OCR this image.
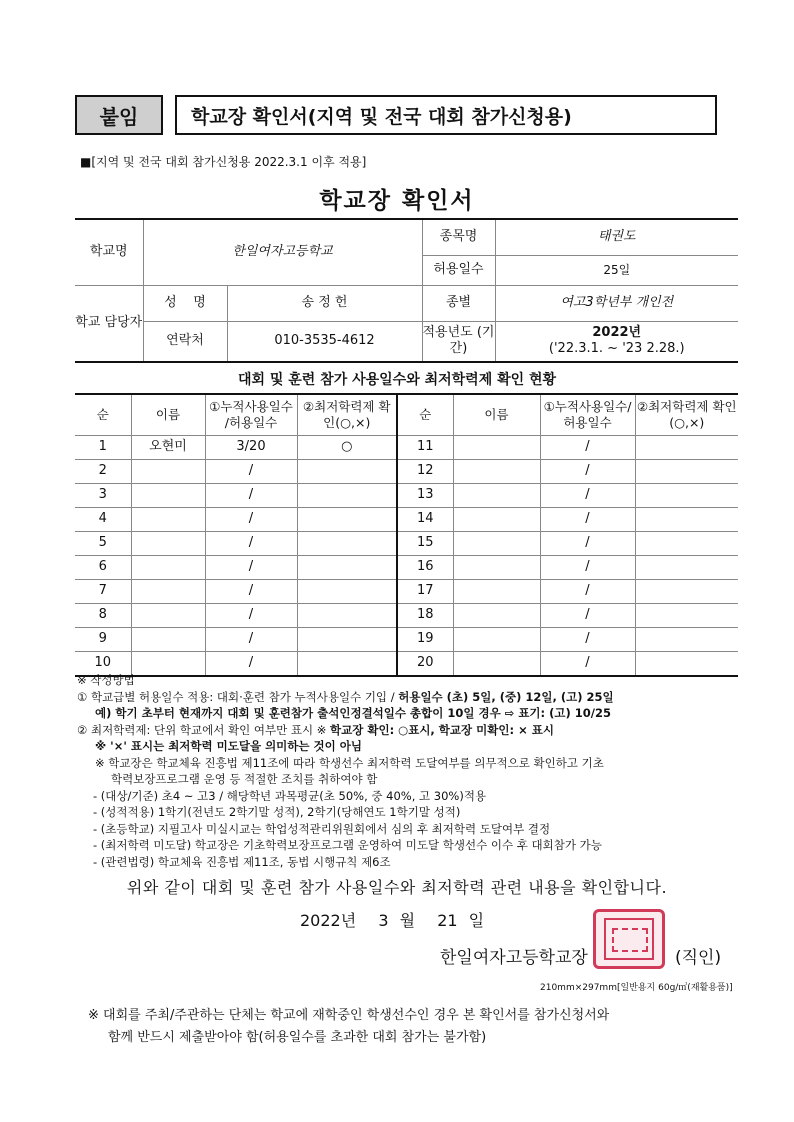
붙임	학교장 확인서(지역 및 전국 대회 참가신청용)
■[지역 및 전국 대회 참가신청용 2022.3.1 이후 적용]
학교장 확인서
학교명	한일여자고등학교		종목명	태권도
			허용일수	25일
학교 담당자	성    명	송 정 헌	종별	여고3학년부 개인전
	연락처	010-3535-4612	적용년도 (기간)	2022년
('22.3.1. ~ '23 2.28.)
대회 및 훈련 참가 사용일수와 최저학력제 확인 현황
순	이름	①누적사용일수 /허용일수	②최저학력제 확인(○,×)	순	이름	①누적사용일수/ 허용일수	②최저학력제 확인(○,×)
1	오현미	3/20	○	11		/	
2		/		12		/	
3		/		13		/	
4		/		14		/	
5		/		15		/	
6		/		16		/	
7		/		17		/	
8		/		18		/	
9		/		19		/	
10		/		20		/	
※ 작성방법
① 학교급별 허용일수 적용: 대회·훈련 참가 누적사용일수 기입 / 허용일수 (초) 5일, (중) 12일, (고) 25일
예) 학기 초부터 현재까지 대회 및 훈련참가 출석인정결석일수 총합이 10일 경우 ⇨ 표기: (고) 10/25
② 최저학력제: 단위 학교에서 확인 여부만 표시 ※ 학교장 확인: ○표시, 학교장 미확인: × 표시
※ '×' 표시는 최저학력 미도달을 의미하는 것이 아님
※ 학교장은 학교체육 진흥법 제11조에 따라 학생선수 최저학력 도달여부를 의무적으로 확인하고 기초
학력보장프로그램 운영 등 적절한 조치를 취하여야 함
- (대상/기준) 초4 ~ 고3 / 해당학년 과목평균(초 50%, 중 40%, 고 30%)적용
- (성적적용) 1학기(전년도 2학기말 성적), 2학기(당해연도 1학기말 성적)
- (초등학교) 지필고사 미실시교는 학업성적관리위원회에서 심의 후 최저학력 도달여부 결정
- (최저학력 미도달) 학교장은 기초학력보장프로그램 운영하여 미도달 학생선수 이수 후 대회참가 가능
- (관련법령) 학교체육 진흥법 제11조, 동법 시행규칙 제6조
위와 같이 대회 및 훈련 참가 사용일수와 최저학력 관련 내용을 확인합니다.
2022년  3 월  21 일
한일여자고등학교장	(직인)
210mm×297mm[일반용지 60g/㎡(재활용품)]
※ 대회를 주최/주관하는 단체는 학교에 재학중인 학생선수인 경우 본 확인서를 참가신청서와
함께 반드시 제출받아야 함(허용일수를 초과한 대회 참가는 불가함)
